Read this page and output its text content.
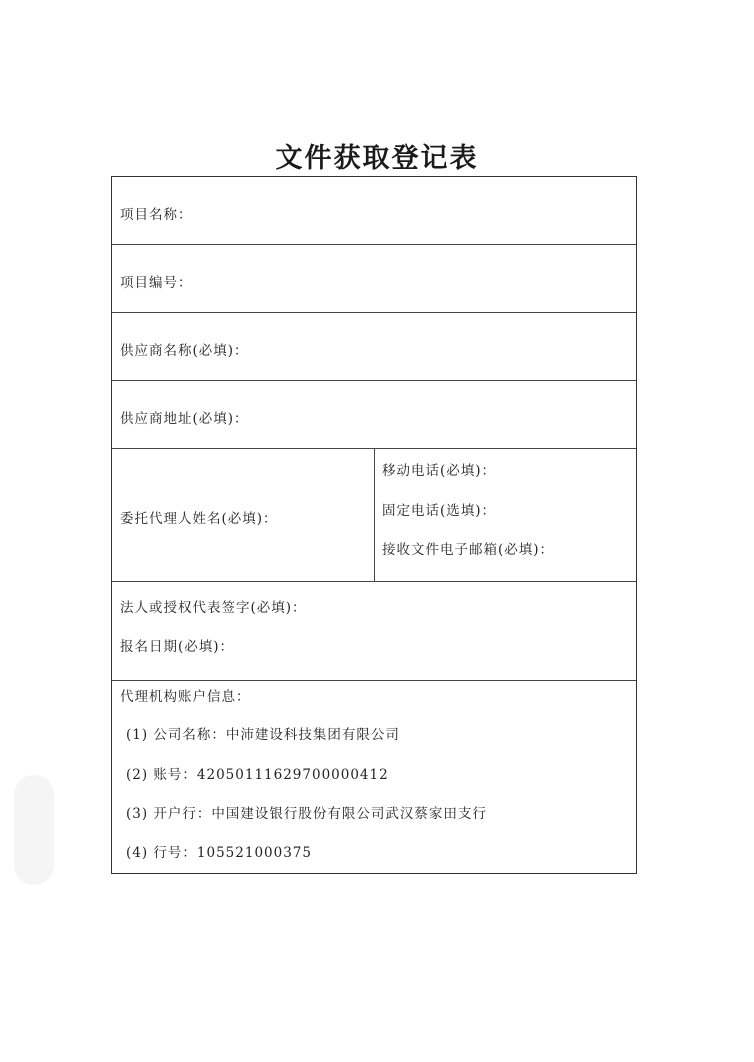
文件获取登记表
项目名称：
项目编号：
供应商名称(必填)：
供应商地址(必填)：
委托代理人姓名(必填)：
移动电话(必填)：
固定电话(选填)：
接收文件电子邮箱(必填)：
法人或授权代表签字(必填)：
报名日期(必填)：
代理机构账户信息：
(1) 公司名称：中沛建设科技集团有限公司
(2) 账号：42050111629700000412
(3) 开户行：中国建设银行股份有限公司武汉蔡家田支行
(4) 行号：105521000375
